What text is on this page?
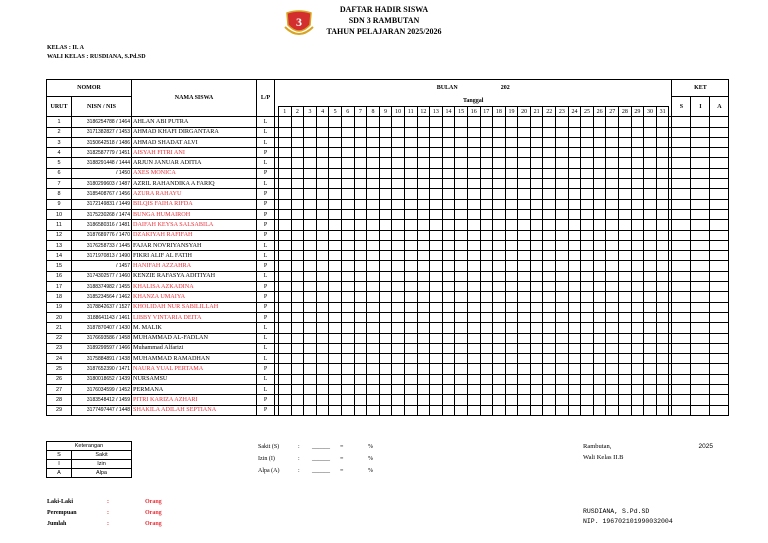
3
DAFTAR HADIR SISWA
SDN 3 RAMBUTAN
TAHUN PELAJARAN 2025/2026
KELAS : II. A
WALI KELAS : RUSDIANA, S.Pd.SD
NOMOR		NAMA SISWA	L/P	BULAN 202																																	KET		
URUT	NISN / NIS			Tanggal																																	S	I	A
					1	2	3	4	5	6	7	8	9	10	11	12	13	14	15	16	17	18	19	20	21	22	23	24	25	26	27	28	29	30	31				
1	3186254788 / 1464	AHLAN ABI PUTRA	L																																				
2	3171382827 / 1453	AHMAD KHAFI DIRGANTARA	L																																				
3	3150642518 / 1486	AHMAD SHADAT ALVI	L																																				
4	3182587779 / 1451	AISYAH FITRI ANI	P																																				
5	3188291448 / 1444	ARJUN JANUAR ADITIA	L																																				
6	/ 1450	AXES MONICA	P																																				
7	3180299603 / 1487	AZRIL RAHANDIKA A FARIQ	L																																				
8	3185408767 / 1456	AZURA RAHAYU	P																																				
9	3172149831 / 1449	BILQIS FAIHA RIFDA	P																																				
10	3175230268 / 1474	BUNGA HUMAIROH	P																																				
11	3186580316 / 1481	DAIFAH KEYSA SALSABILA	P																																				
12	3187689776 / 1470	DZAKIYAH RAFIFAH	P																																				
13	3176258733 / 1445	FAJAR NOVRIYANSYAH	L																																				
14	3171970813 / 1490	FIKRI ALIF AL FATIH	L																																				
15	/ 1457	HANIFAH AZZAHRA	P																																				
16	3174302577 / 1460	KENZIE RAFASYA ADITIYAH	L																																				
17	3188374982 / 1455	KHALISA AZKADINA	P																																				
18	3185234564 / 1462	KHANZA UMAIYA	P																																				
19	3178842637 / 1527	KHOLIDAH NUR SABILILLAH	P																																				
20	3188641143 / 1461	LIBBY VINTARIA DEITA	P																																				
21	3187870407 / 1430	M. MALIK	L																																				
22	3176693586 / 1458	MUHAMMAD AL-FADLAN	L																																				
23	3189299597 / 1466	Muhammad Alfarizi	L																																				
24	3175884891 / 1438	MUHAMMAD RAMADHAN	L																																				
25	3187652390 / 1471	NAURA YUAL PERTAMA	P																																				
26	3180018652 / 1439	NURSAMSU	L																																				
27	3176034599 / 1452	PERMANA	L																																				
28	3183548412 / 1459	PITRI KARIZA AZHARI	P																																				
29	3177497447 / 1448	SHAKILA ADILAH SEPTIANA	P																																				
Keterangan	
S	Sakit
I	Izin
A	Alpa
Sakit (S)	:	______	=	%
Izin (I)	:	______	=	%
Alpa (A)	:	______	=	%
Rambutan,	2025
Wali Kelas II.B
RUSDIANA, S.Pd.SD
NIP. 196702101990032004
Laki-Laki	:	Orang
Perempuan	:	Orang
Jumlah	:	Orang
